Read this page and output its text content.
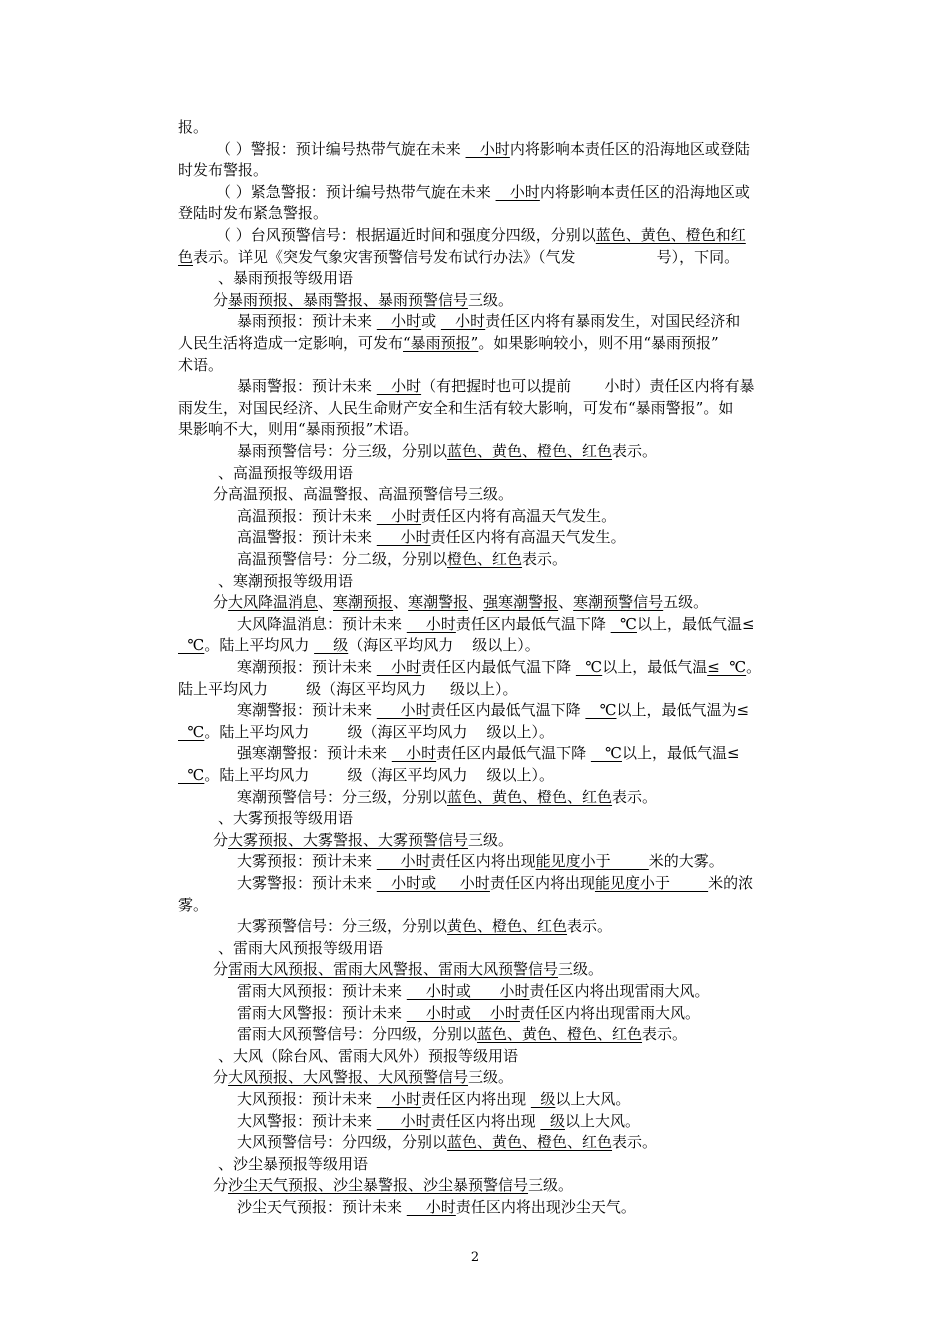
报。
（ ）警报：预计编号热带气旋在未来    小时内将影响本责任区的沿海地区或登陆
时发布警报。
（ ）紧急警报：预计编号热带气旋在未来    小时内将影响本责任区的沿海地区或
登陆时发布紧急警报。
（ ）台风预警信号：根据逼近时间和强度分四级，分别以蓝色、黄色、橙色和红
色表示。详见《突发气象灾害预警信号发布试行办法》（气发                 号），下同。
、暴雨预报等级用语
分暴雨预报、暴雨警报、暴雨预警信号三级。
暴雨预报：预计未来    小时或    小时责任区内将有暴雨发生，对国民经济和
人民生活将造成一定影响，可发布“暴雨预报”。如果影响较小，则不用“暴雨预报”
术语。
暴雨警报：预计未来    小时（有把握时也可以提前       小时）责任区内将有暴
雨发生，对国民经济、人民生命财产安全和生活有较大影响，可发布“暴雨警报”。如
果影响不大，则用“暴雨预报”术语。
暴雨预警信号：分三级，分别以蓝色、黄色、橙色、红色表示。
、高温预报等级用语
分高温预报、高温警报、高温预警信号三级。
高温预报：预计未来    小时责任区内将有高温天气发生。
高温警报：预计未来      小时责任区内将有高温天气发生。
高温预警信号：分二级，分别以橙色、红色表示。
、寒潮预报等级用语
分大风降温消息、寒潮预报、寒潮警报、强寒潮警报、寒潮预警信号五级。
大风降温消息：预计未来     小时责任区内最低气温下降   ℃以上，最低气温≤
℃。陆上平均风力     级（海区平均风力    级以上）。
寒潮预报：预计未来    小时责任区内最低气温下降   ℃以上，最低气温≤  ℃。
陆上平均风力        级（海区平均风力     级以上）。
寒潮警报：预计未来      小时责任区内最低气温下降    ℃以上，最低气温为≤
℃。陆上平均风力        级（海区平均风力    级以上）。
强寒潮警报：预计未来    小时责任区内最低气温下降    ℃以上，最低气温≤
℃。陆上平均风力        级（海区平均风力    级以上）。
寒潮预警信号：分三级，分别以蓝色、黄色、橙色、红色表示。
、大雾预报等级用语
分大雾预报、大雾警报、大雾预警信号三级。
大雾预报：预计未来      小时责任区内将出现能见度小于        米的大雾。
大雾警报：预计未来    小时或     小时责任区内将出现能见度小于        米的浓
雾。
大雾预警信号：分三级，分别以黄色、橙色、红色表示。
、雷雨大风预报等级用语
分雷雨大风预报、雷雨大风警报、雷雨大风预警信号三级。
雷雨大风预报：预计未来     小时或      小时责任区内将出现雷雨大风。
雷雨大风警报：预计未来     小时或    小时责任区内将出现雷雨大风。
雷雨大风预警信号：分四级，分别以蓝色、黄色、橙色、红色表示。
、大风（除台风、雷雨大风外）预报等级用语
分大风预报、大风警报、大风预警信号三级。
大风预报：预计未来    小时责任区内将出现   级以上大风。
大风警报：预计未来      小时责任区内将出现   级以上大风。
大风预警信号：分四级，分别以蓝色、黄色、橙色、红色表示。
、沙尘暴预报等级用语
分沙尘天气预报、沙尘暴警报、沙尘暴预警信号三级。
沙尘天气预报：预计未来     小时责任区内将出现沙尘天气。
2
